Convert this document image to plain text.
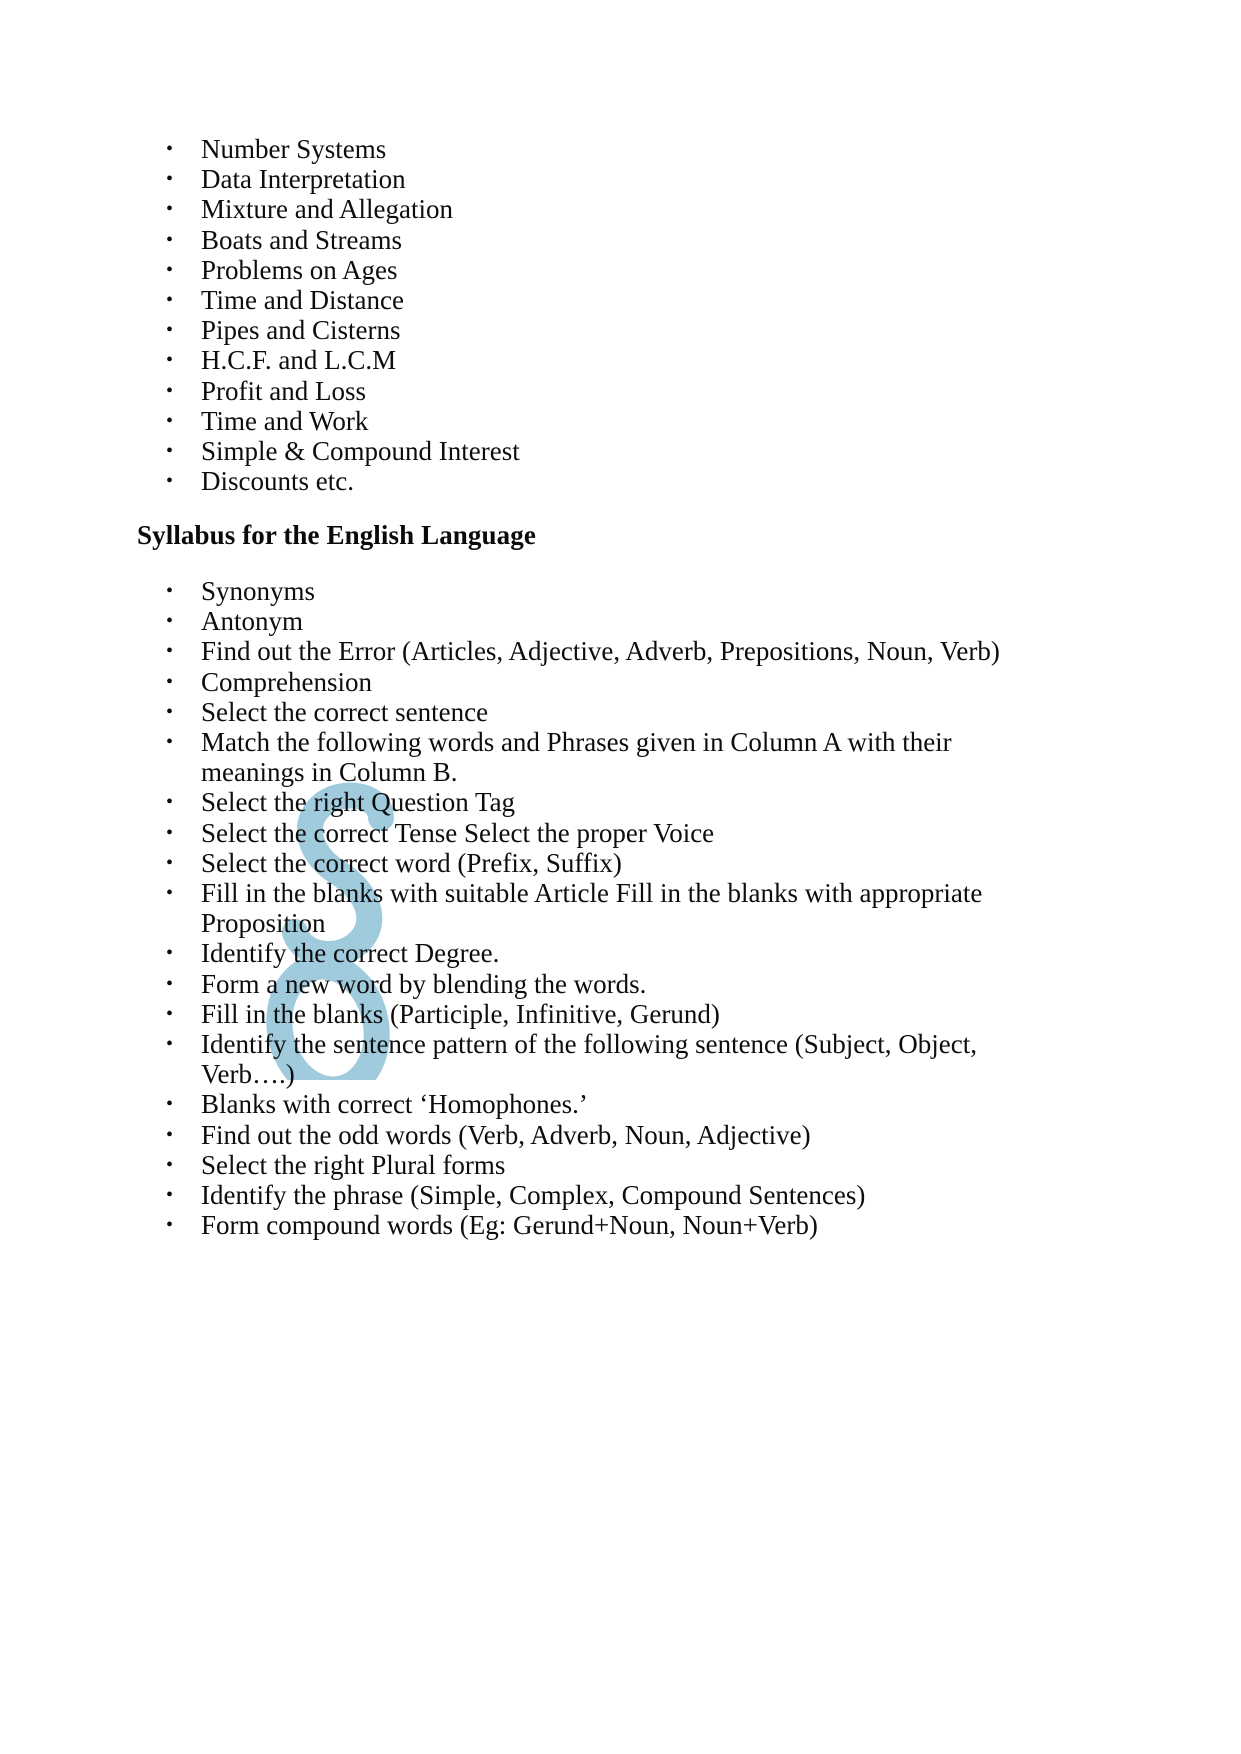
• Number Systems
• Data Interpretation
• Mixture and Allegation
• Boats and Streams
• Problems on Ages
• Time and Distance
• Pipes and Cisterns
• H.C.F. and L.C.M
• Profit and Loss
• Time and Work
• Simple & Compound Interest
• Discounts etc.
Syllabus for the English Language
• Synonyms
• Antonym
• Find out the Error (Articles, Adjective, Adverb, Prepositions, Noun, Verb)
• Comprehension
• Select the correct sentence
• Match the following words and Phrases given in Column A with their meanings in Column B.
• Select the right Question Tag
• Select the correct Tense Select the proper Voice
• Select the correct word (Prefix, Suffix)
• Fill in the blanks with suitable Article Fill in the blanks with appropriate Proposition
• Identify the correct Degree.
• Form a new word by blending the words.
• Fill in the blanks (Participle, Infinitive, Gerund)
• Identify the sentence pattern of the following sentence (Subject, Object, Verb….)
• Blanks with correct ‘Homophones.’
• Find out the odd words (Verb, Adverb, Noun, Adjective)
• Select the right Plural forms
• Identify the phrase (Simple, Complex, Compound Sentences)
• Form compound words (Eg: Gerund+Noun, Noun+Verb)
